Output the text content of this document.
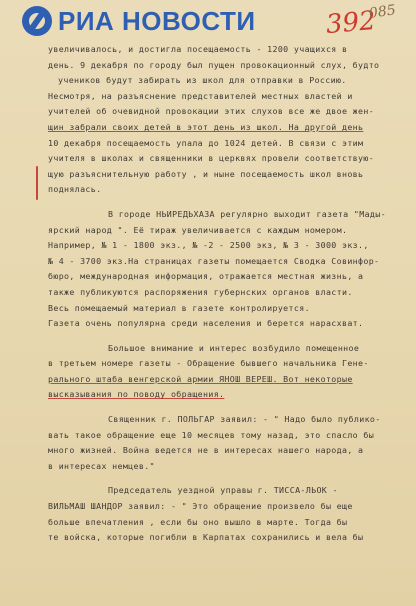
РИА НОВОСТИ	392
085
увеличивалось, и достигла посещаемость - 1200 учащихся в
день. 9 декабря по городу был пущен провокационный слух, будто
учеников будут забирать из школ для отправки в Россию.
Несмотря, на разъяснение представителей местных властей и
учителей об очевидной провокации этих слухов все же двое жен-
щин забрали своих детей в этот день из школ. На другой день
10 декабря посещаемость упала до 1024 детей. В связи с этим
учителя в школах и священники в церквях провели соответствую-
щую разъяснительную работу , и ныне посещаемость школ вновь
поднялась.
В городе НЬИРЕДЬХАЗА регулярно выходит газета "Мады-
ярский народ ". Её тираж увеличивается с каждым номером.
Например, № 1 - 1800 экз., № -2 - 2500 экз, № 3 - 3000 экз.,
№ 4 - 3700 экз.На страницах газеты помещается Сводка Совинфор-
бюро, международная информация, отражается местная жизнь, а
также публикуются распоряжения губернских органов власти.
Весь помещаемый материал в газете контролируется.
Газета очень популярна среди населения и берется нарасхват.
Большое внимание и интерес возбудило помещенное
в третьем номере газеты - Обращение бывшего начальника Гене-
рального штаба венгерской армии ЯНОШ ВЕРЕШ. Вот некоторые
высказывания по поводу обращения.
Священник г. ПОЛЬГАР заявил: - " Надо было публико-
вать такое обращение еще 10 месяцев тому назад, это спасло бы
много жизней. Война ведется не в интересах нашего народа, а
в интересах немцев."
Председатель уездной управы г. ТИССА-ЛЬОК -
ВИЛЬМАШ ШАНДОР заявил: - " Это обращение произвело бы еще
больше впечатления , если бы оно вышло в марте. Тогда бы
те войска, которые погибли в Карпатах сохранились и вела бы
